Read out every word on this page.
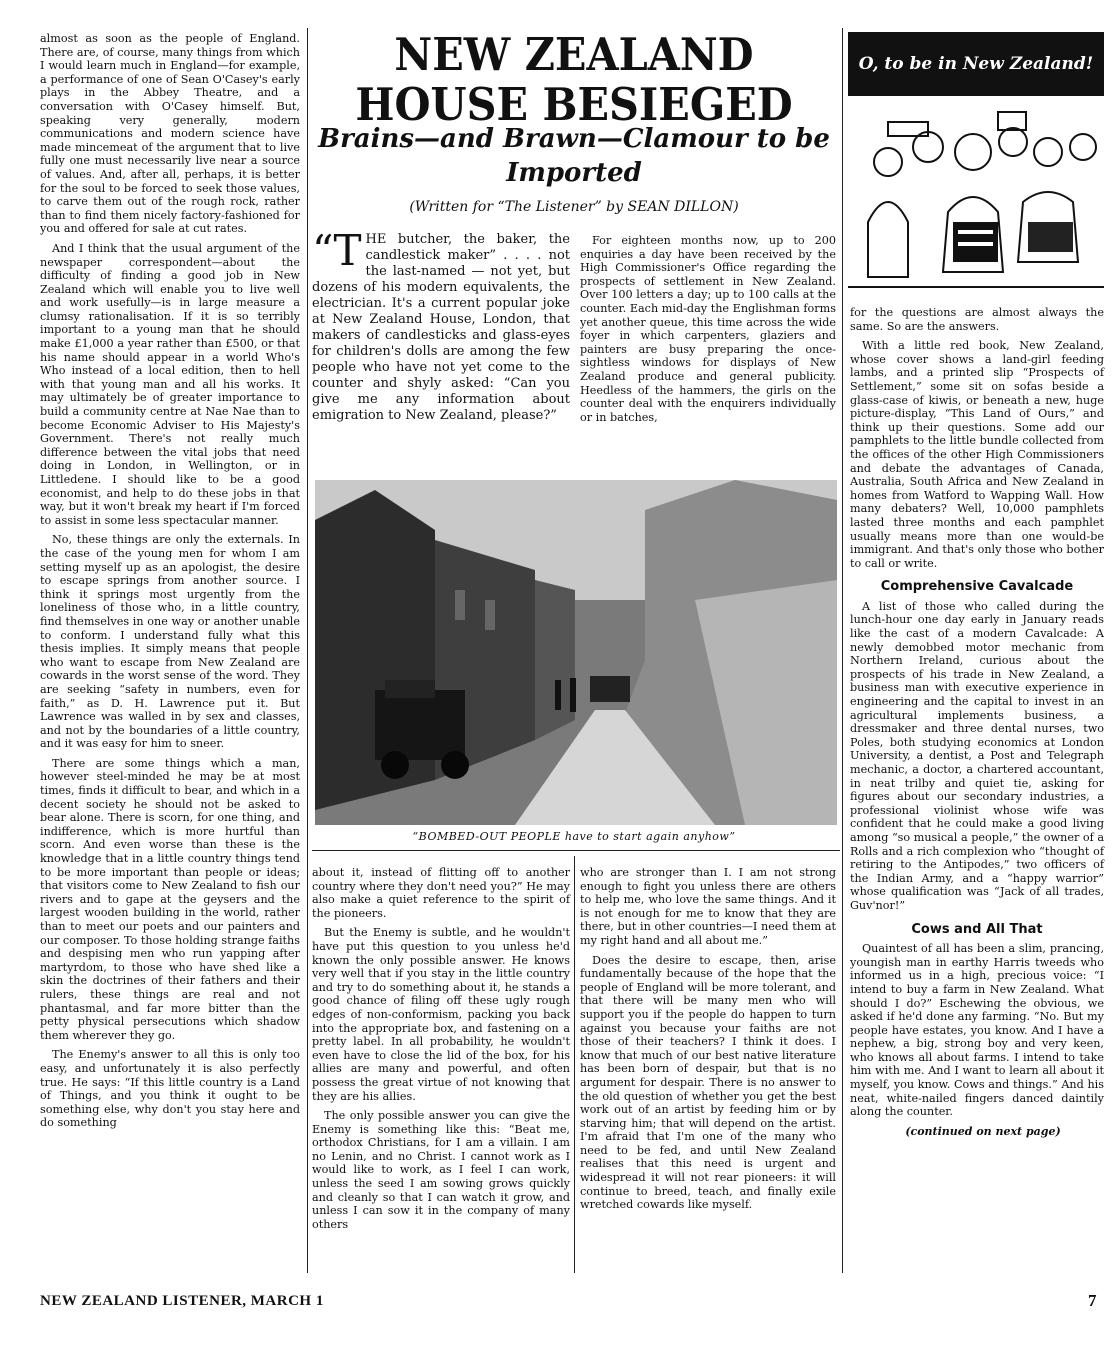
almost as soon as the people of England. There are, of course, many things from which I would learn much in England—for example, a performance of one of Sean O'Casey's early plays in the Abbey Theatre, and a conversation with O'Casey himself. But, speaking very generally, modern communications and modern science have made mincemeat of the argument that to live fully one must necessarily live near a source of values. And, after all, perhaps, it is better for the soul to be forced to seek those values, to carve them out of the rough rock, rather than to find them nicely factory-fashioned for you and offered for sale at cut rates.

And I think that the usual argument of the newspaper correspondent—about the difficulty of finding a good job in New Zealand which will enable you to live well and work usefully—is in large measure a clumsy rationalisation. If it is so terribly important to a young man that he should make £1,000 a year rather than £500, or that his name should appear in a world Who's Who instead of a local edition, then to hell with that young man and all his works. It may ultimately be of greater importance to build a community centre at Nae Nae than to become Economic Adviser to His Majesty's Government. There's not really much difference between the vital jobs that need doing in London, in Wellington, or in Littledene. I should like to be a good economist, and help to do these jobs in that way, but it won't break my heart if I'm forced to assist in some less spectacular manner.

No, these things are only the externals. In the case of the young men for whom I am setting myself up as an apologist, the desire to escape springs from another source. I think it springs most urgently from the loneliness of those who, in a little country, find themselves in one way or another unable to conform. I understand fully what this thesis implies. It simply means that people who want to escape from New Zealand are cowards in the worst sense of the word. They are seeking “safety in numbers, even for faith,” as D. H. Lawrence put it. But Lawrence was walled in by sex and classes, and not by the boundaries of a little country, and it was easy for him to sneer.

There are some things which a man, however steel-minded he may be at most times, finds it difficult to bear, and which in a decent society he should not be asked to bear alone. There is scorn, for one thing, and indifference, which is more hurtful than scorn. And even worse than these is the knowledge that in a little country things tend to be more important than people or ideas; that visitors come to New Zealand to fish our rivers and to gape at the geysers and the largest wooden building in the world, rather than to meet our poets and our painters and our composer. To those holding strange faiths and despising men who run yapping after martyrdom, to those who have shed like a skin the doctrines of their fathers and their rulers, these things are real and not phantasmal, and far more bitter than the petty physical persecutions which shadow them wherever they go.

The Enemy's answer to all this is only too easy, and unfortunately it is also perfectly true. He says: “If this little country is a Land of Things, and you think it ought to be something else, why don't you stay here and do something

NEW ZEALAND HOUSE BESIEGED
Brains—and Brawn—Clamour to be Imported
(Written for “The Listener” by SEAN DILLON)

“THE butcher, the baker, the candlestick maker” . . . . not the last-named — not yet, but dozens of his modern equivalents, the electrician. It's a current popular joke at New Zealand House, London, that makers of candlesticks and glass-eyes for children's dolls are among the few people who have not yet come to the counter and shyly asked: “Can you give me any information about emigration to New Zealand, please?”

For eighteen months now, up to 200 enquiries a day have been received by the High Commissioner's Office regarding the prospects of settlement in New Zealand. Over 100 letters a day; up to 100 calls at the counter. Each mid-day the Englishman forms yet another queue, this time across the wide foyer in which carpenters, glaziers and painters are busy preparing the once-sightless windows for displays of New Zealand produce and general publicity. Heedless of the hammers, the girls on the counter deal with the enquirers individually or in batches,

“BOMBED-OUT PEOPLE have to start again anyhow”

about it, instead of flitting off to another country where they don't need you?” He may also make a quiet reference to the spirit of the pioneers.

But the Enemy is subtle, and he wouldn't have put this question to you unless he'd known the only possible answer. He knows very well that if you stay in the little country and try to do something about it, he stands a good chance of filing off these ugly rough edges of non-conformism, packing you back into the appropriate box, and fastening on a pretty label. In all probability, he wouldn't even have to close the lid of the box, for his allies are many and powerful, and often possess the great virtue of not knowing that they are his allies.

The only possible answer you can give the Enemy is something like this: “Beat me, orthodox Christians, for I am a villain. I am no Lenin, and no Christ. I cannot work as I would like to work, as I feel I can work, unless the seed I am sowing grows quickly and cleanly so that I can watch it grow, and unless I can sow it in the company of many others

who are stronger than I. I am not strong enough to fight you unless there are others to help me, who love the same things. And it is not enough for me to know that they are there, but in other countries—I need them at my right hand and all about me.”

Does the desire to escape, then, arise fundamentally because of the hope that the people of England will be more tolerant, and that there will be many men who will support you if the people do happen to turn against you because your faiths are not those of their teachers? I think it does. I know that much of our best native literature has been born of despair, but that is no argument for despair. There is no answer to the old question of whether you get the best work out of an artist by feeding him or by starving him; that will depend on the artist. I'm afraid that I'm one of the many who need to be fed, and until New Zealand realises that this need is urgent and widespread it will not rear pioneers: it will continue to breed, teach, and finally exile wretched cowards like myself.

O, to be in New Zealand!

for the questions are almost always the same. So are the answers.

With a little red book, New Zealand, whose cover shows a land-girl feeding lambs, and a printed slip “Prospects of Settlement,” some sit on sofas beside a glass-case of kiwis, or beneath a new, huge picture-display, “This Land of Ours,” and think up their questions. Some add our pamphlets to the little bundle collected from the offices of the other High Commissioners and debate the advantages of Canada, Australia, South Africa and New Zealand in homes from Watford to Wapping Wall. How many debaters? Well, 10,000 pamphlets lasted three months and each pamphlet usually means more than one would-be immigrant. And that's only those who bother to call or write.

Comprehensive Cavalcade

A list of those who called during the lunch-hour one day early in January reads like the cast of a modern Cavalcade: A newly demobbed motor mechanic from Northern Ireland, curious about the prospects of his trade in New Zealand, a business man with executive experience in engineering and the capital to invest in an agricultural implements business, a dressmaker and three dental nurses, two Poles, both studying economics at London University, a dentist, a Post and Telegraph mechanic, a doctor, a chartered accountant, in neat trilby and quiet tie, asking for figures about our secondary industries, a professional violinist whose wife was confident that he could make a good living among “so musical a people,” the owner of a Rolls and a rich complexion who “thought of retiring to the Antipodes,” two officers of the Indian Army, and a “happy warrior” whose qualification was “Jack of all trades, Guv'nor!”

Cows and All That

Quaintest of all has been a slim, prancing, youngish man in earthy Harris tweeds who informed us in a high, precious voice: “I intend to buy a farm in New Zealand. What should I do?” Eschewing the obvious, we asked if he'd done any farming. “No. But my people have estates, you know. And I have a nephew, a big, strong boy and very keen, who knows all about farms. I intend to take him with me. And I want to learn all about it myself, you know. Cows and things.” And his neat, white-nailed fingers danced daintily along the counter.

(continued on next page)

NEW ZEALAND LISTENER, MARCH 1	7
